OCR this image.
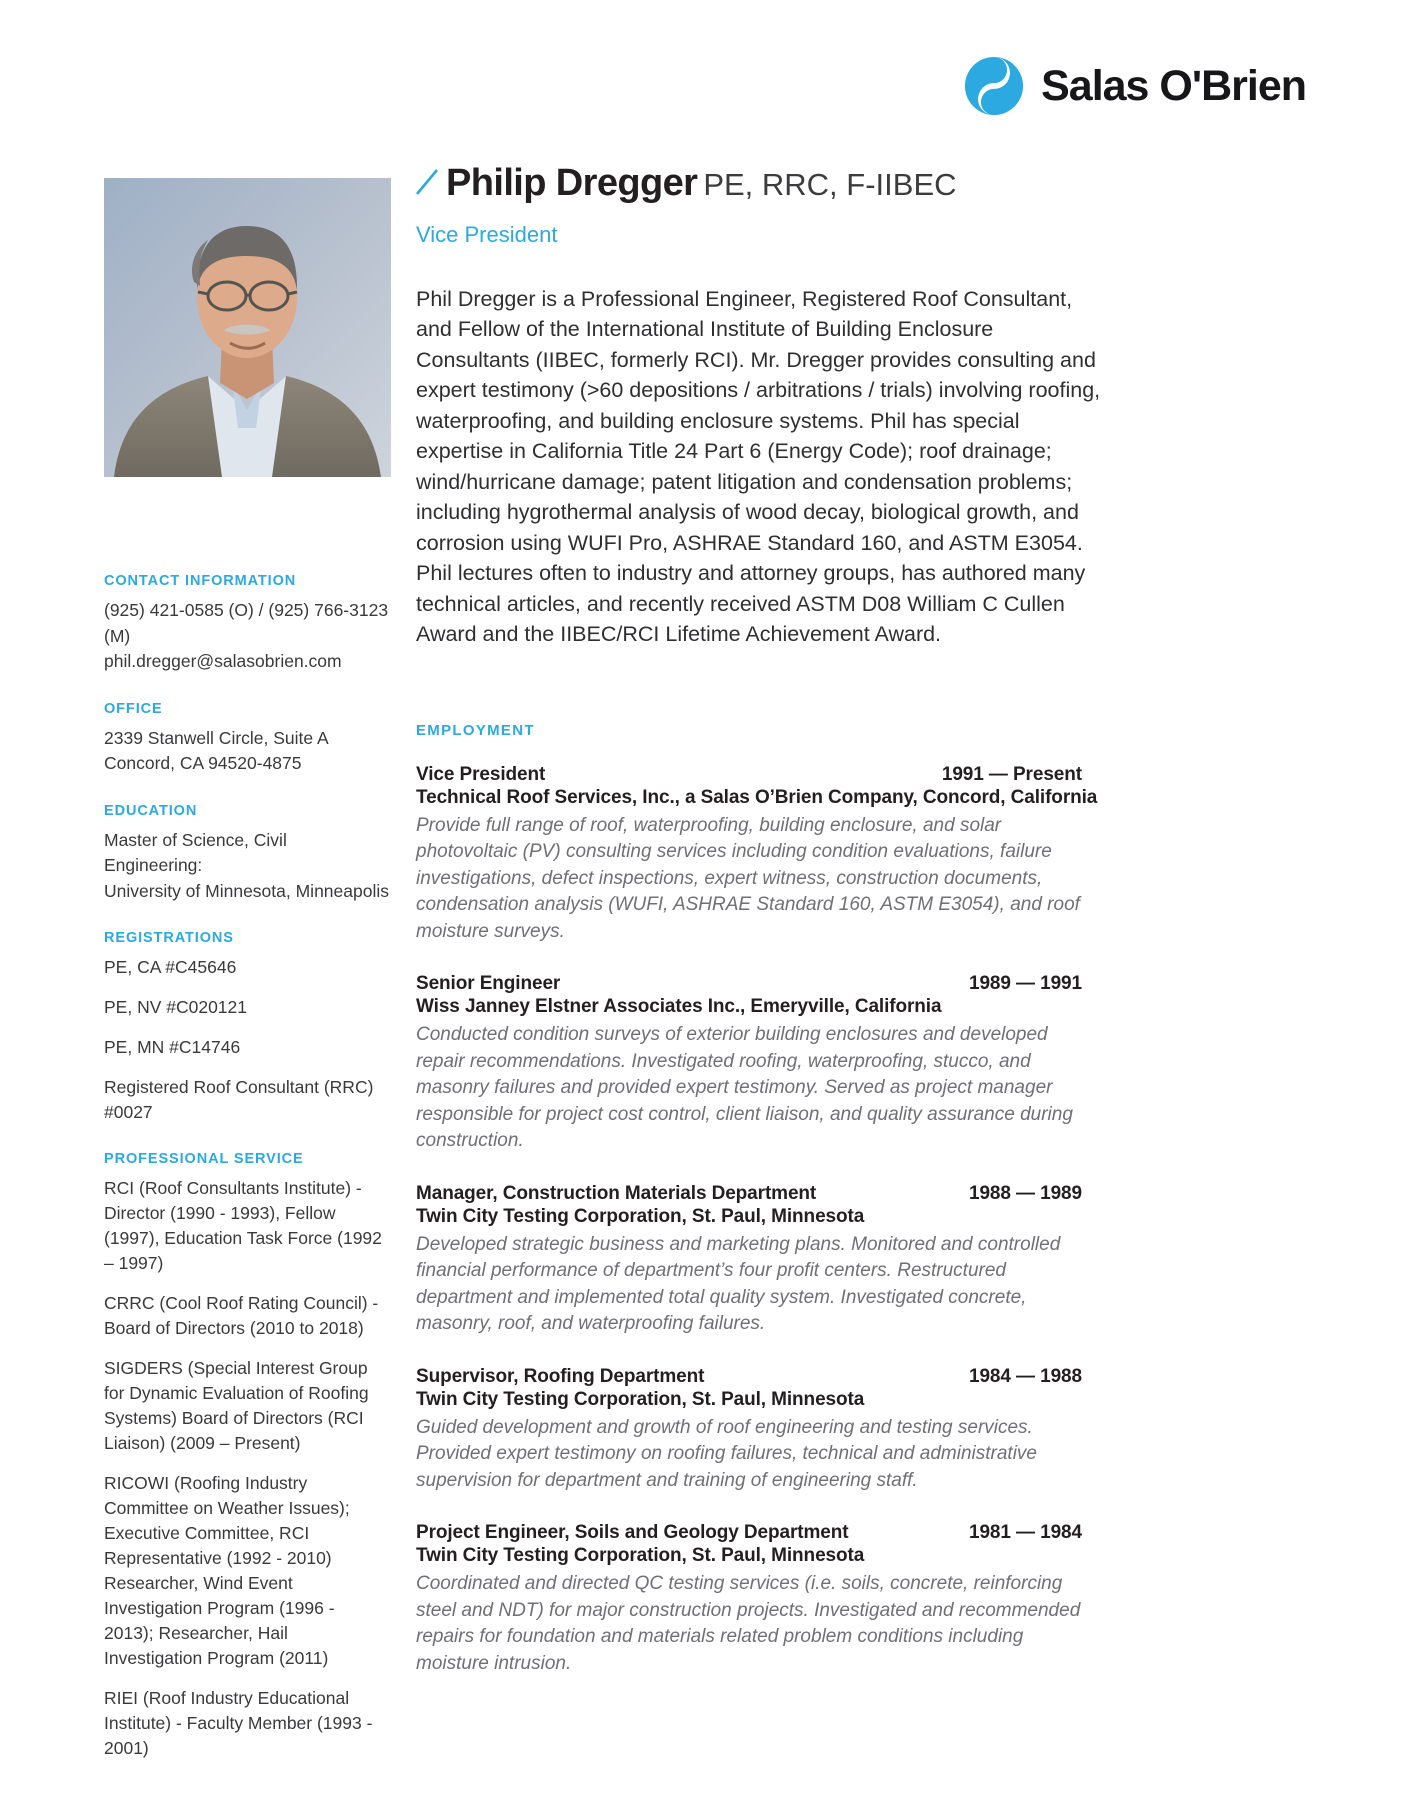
Salas O'Brien
CONTACT INFORMATION
(925) 421-0585 (O) / (925) 766-3123 (M)
phil.dregger@salasobrien.com
OFFICE
2339 Stanwell Circle, Suite A
Concord, CA 94520-4875
EDUCATION
Master of Science, Civil Engineering:
University of Minnesota, Minneapolis
REGISTRATIONS
PE, CA #C45646
PE, NV #C020121
PE, MN #C14746
Registered Roof Consultant (RRC) #0027
PROFESSIONAL SERVICE
RCI (Roof Consultants Institute) - Director (1990 - 1993), Fellow (1997), Education Task Force (1992 – 1997)
CRRC (Cool Roof Rating Council) - Board of Directors (2010 to 2018)
SIGDERS (Special Interest Group for Dynamic Evaluation of Roofing Systems) Board of Directors (RCI Liaison) (2009 – Present)
RICOWI (Roofing Industry Committee on Weather Issues); Executive Committee, RCI Representative (1992 - 2010) Researcher, Wind Event Investigation Program (1996 - 2013); Researcher, Hail Investigation Program (2011)
RIEI (Roof Industry Educational Institute) - Faculty Member (1993 - 2001)
Philip Dregger PE, RRC, F-IIBEC
Vice President

Phil Dregger is a Professional Engineer, Registered Roof Consultant, and Fellow of the International Institute of Building Enclosure Consultants (IIBEC, formerly RCI). Mr. Dregger provides consulting and expert testimony (>60 depositions / arbitrations / trials) involving roofing, waterproofing, and building enclosure systems. Phil has special expertise in California Title 24 Part 6 (Energy Code); roof drainage; wind/hurricane damage; patent litigation and condensation problems; including hygrothermal analysis of wood decay, biological growth, and corrosion using WUFI Pro, ASHRAE Standard 160, and ASTM E3054. Phil lectures often to industry and attorney groups, has authored many technical articles, and recently received ASTM D08 William C Cullen Award and the IIBEC/RCI Lifetime Achievement Award.

EMPLOYMENT
Vice President	1991 — Present
Technical Roof Services, Inc., a Salas O’Brien Company, Concord, California
Provide full range of roof, waterproofing, building enclosure, and solar photovoltaic (PV) consulting services including condition evaluations, failure investigations, defect inspections, expert witness, construction documents, condensation analysis (WUFI, ASHRAE Standard 160, ASTM E3054), and roof moisture surveys.
Senior Engineer	1989 — 1991
Wiss Janney Elstner Associates Inc., Emeryville, California
Conducted condition surveys of exterior building enclosures and developed repair recommendations. Investigated roofing, waterproofing, stucco, and masonry failures and provided expert testimony. Served as project manager responsible for project cost control, client liaison, and quality assurance during construction.
Manager, Construction Materials Department	1988 — 1989
Twin City Testing Corporation, St. Paul, Minnesota
Developed strategic business and marketing plans. Monitored and controlled financial performance of department’s four profit centers. Restructured department and implemented total quality system. Investigated concrete, masonry, roof, and waterproofing failures.
Supervisor, Roofing Department	1984 — 1988
Twin City Testing Corporation, St. Paul, Minnesota
Guided development and growth of roof engineering and testing services. Provided expert testimony on roofing failures, technical and administrative supervision for department and training of engineering staff.
Project Engineer, Soils and Geology Department	1981 — 1984
Twin City Testing Corporation, St. Paul, Minnesota
Coordinated and directed QC testing services (i.e. soils, concrete, reinforcing steel and NDT) for major construction projects. Investigated and recommended repairs for foundation and materials related problem conditions including moisture intrusion.
